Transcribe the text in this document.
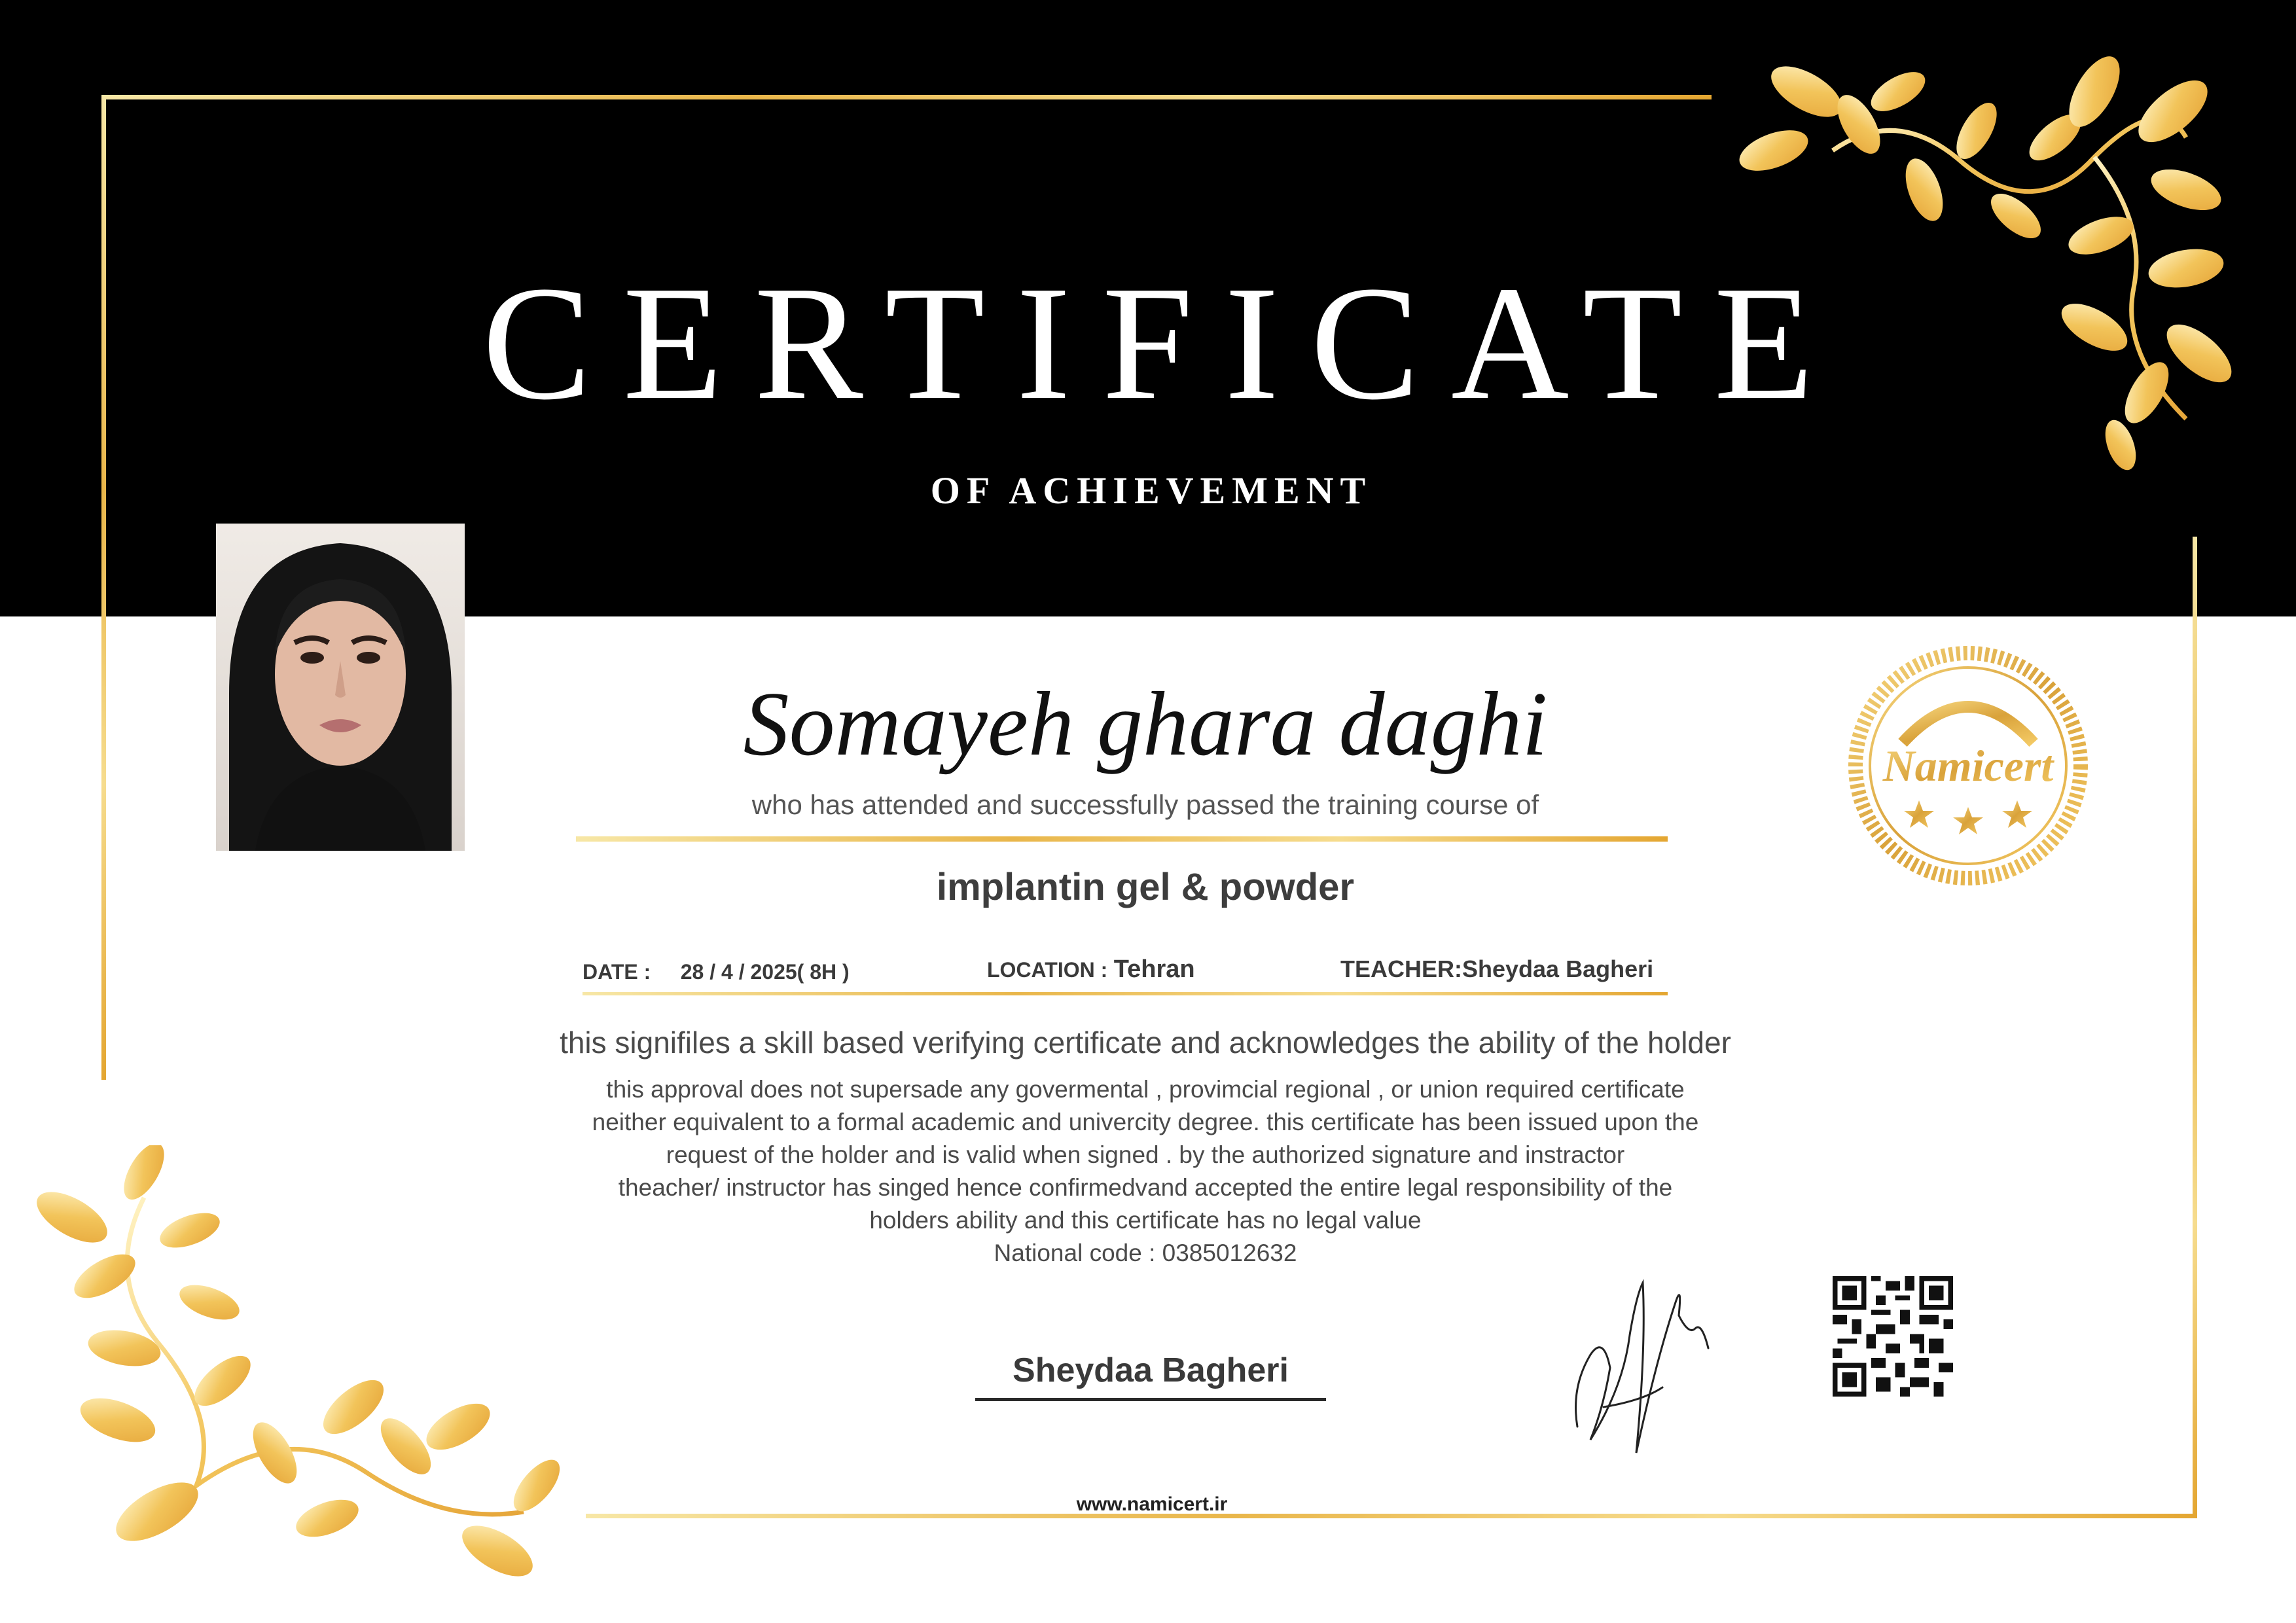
CERTIFICATE
OF ACHIEVEMENT
Somayeh ghara daghi
who has attended and successfully passed the training course of
implantin gel & powder
DATE : 28 / 4 / 2025( 8H )	LOCATION : Tehran	TEACHER:Sheydaa Bagheri
this signifiles a skill based verifying certificate and acknowledges the ability of the holder
this approval does not supersade any govermental , provimcial regional , or union required certificate
neither equivalent to a formal academic and univercity degree. this certificate has been issued upon the
request of the holder and is valid when signed . by the authorized signature and instractor
theacher/ instructor has singed hence confirmedvand accepted the entire legal responsibility of the
holders ability and this certificate has no legal value
National code : 0385012632
Sheydaa Bagheri
www.namicert.ir
Namicert
